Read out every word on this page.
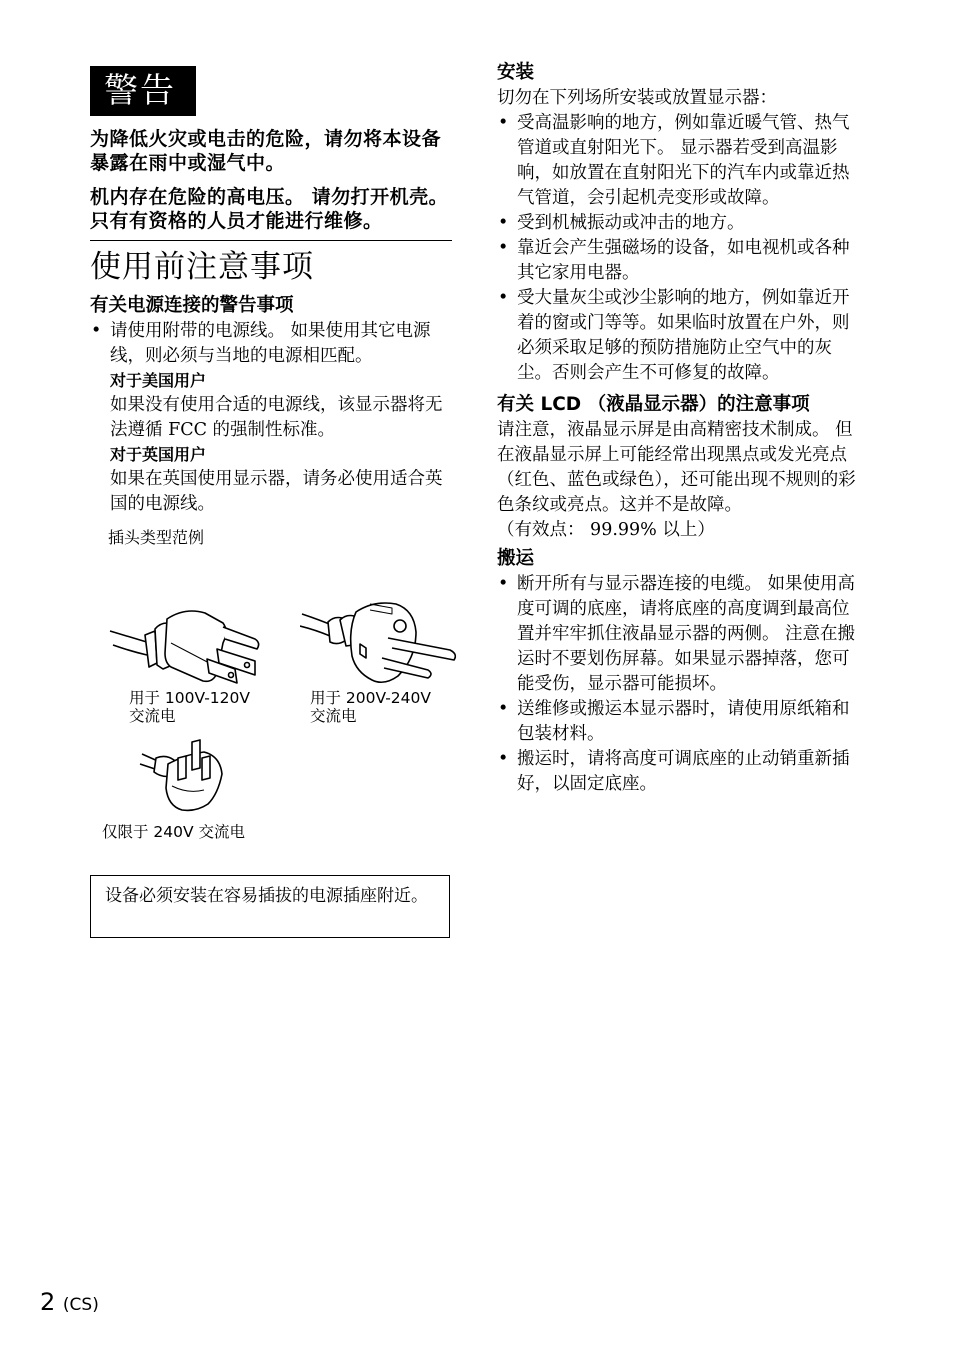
警告
为降低火灾或电击的危险，请勿将本设备暴露在雨中或湿气中。
机内存在危险的高电压。 请勿打开机壳。 只有有资格的人员才能进行维修。
使用前注意事项
有关电源连接的警告事项
• 请使用附带的电源线。 如果使用其它电源线，则必须与当地的电源相匹配。
对于美国用户
如果没有使用合适的电源线，该显示器将无法遵循 FCC 的强制性标准。
对于英国用户
如果在英国使用显示器，请务必使用适合英国的电源线。
插头类型范例
用于 100V-120V
交流电
用于 200V-240V
交流电
仅限于 240V 交流电
设备必须安装在容易插拔的电源插座附近。
安装
切勿在下列场所安装或放置显示器：
• 受高温影响的地方，例如靠近暖气管、热气管道或直射阳光下。 显示器若受到高温影响，如放置在直射阳光下的汽车内或靠近热气管道，会引起机壳变形或故障。
• 受到机械振动或冲击的地方。
• 靠近会产生强磁场的设备，如电视机或各种其它家用电器。
• 受大量灰尘或沙尘影响的地方，例如靠近开着的窗或门等等。如果临时放置在户外，则必须采取足够的预防措施防止空气中的灰尘。否则会产生不可修复的故障。
有关 LCD （液晶显示器）的注意事项
请注意，液晶显示屏是由高精密技术制成。 但在液晶显示屏上可能经常出现黑点或发光亮点 （红色、蓝色或绿色），还可能出现不规则的彩色条纹或亮点。这并不是故障。
（有效点： 99.99% 以上）
搬运
• 断开所有与显示器连接的电缆。 如果使用高度可调的底座，请将底座的高度调到最高位置并牢牢抓住液晶显示器的两侧。 注意在搬运时不要划伤屏幕。如果显示器掉落，您可能受伤，显示器可能损坏。
• 送维修或搬运本显示器时，请使用原纸箱和包装材料。
• 搬运时，请将高度可调底座的止动销重新插好，以固定底座。
2 (CS)
